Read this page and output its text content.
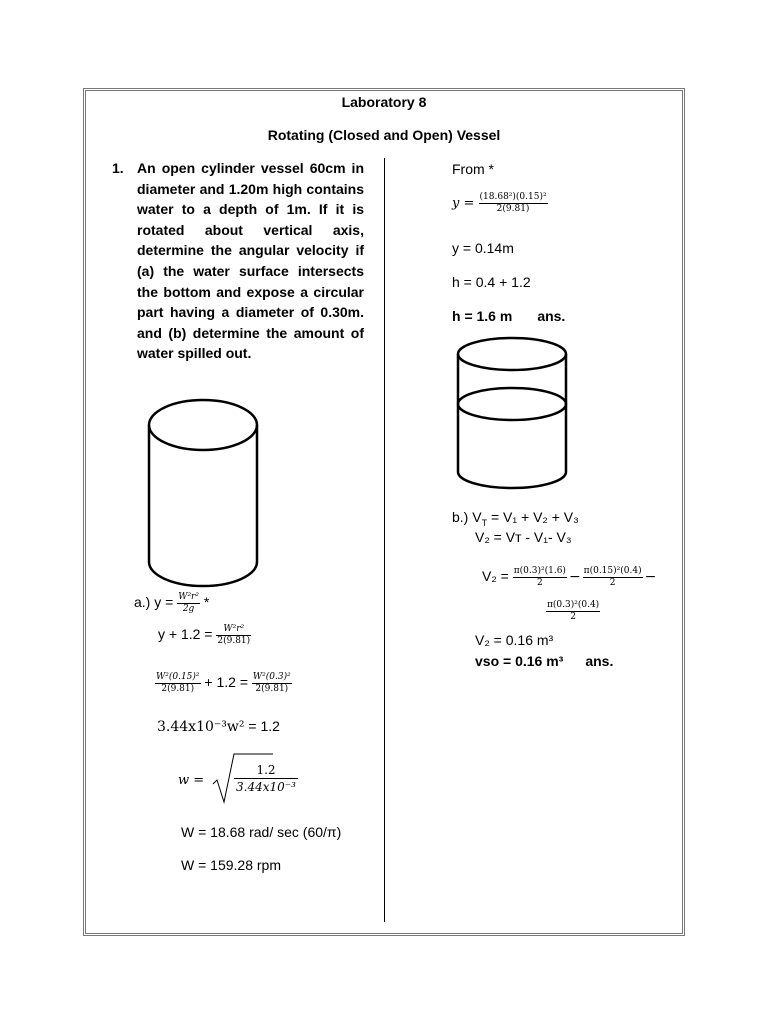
Laboratory 8
Rotating (Closed and Open) Vessel
1. An open cylinder vessel 60cm in diameter and 1.20m high contains water to a depth of 1m. If it is rotated about vertical axis, determine the angular velocity if (a) the water surface intersects the bottom and expose a circular part having a diameter of 0.30m. and (b) determine the amount of water spilled out.
a.) $y = \frac{\text{W²r²}}{2g}$ *
$y + 1.2 = \frac{\text{W²r²}}{2(9.81)}$
$\frac{\text{W²(0.15)²}}{2(9.81)} + 1.2 = \frac{\text{W²(0.3)²}}{2(9.81)}$
3.44x10⁻³w² = 1.2
$w = \frac{1.2}{\text{3.44x10⁻³}}$
W = 18.68 rad/ sec (60/π)
W = 159.28 rpm
From *
$y = \frac{\text{(18.68²)(0.15)²}}{2(9.81)}$
y = 0.14m
h = 0.4 + 1.2
h = 1.6 m ans.
b.) $V_T = V_1 + V_2 + V_3$
V₂ = Vт - V₁- V₃
$V_2 = \frac{\text{π(0.3)²(1.6)}}{2} - \frac{\text{π(0.15)²(0.4)}}{2}$ −
$\frac{\text{π(0.3)²(0.4)}}{2}$
V₂ = 0.16 m³
vso = 0.16 m³ ans.
